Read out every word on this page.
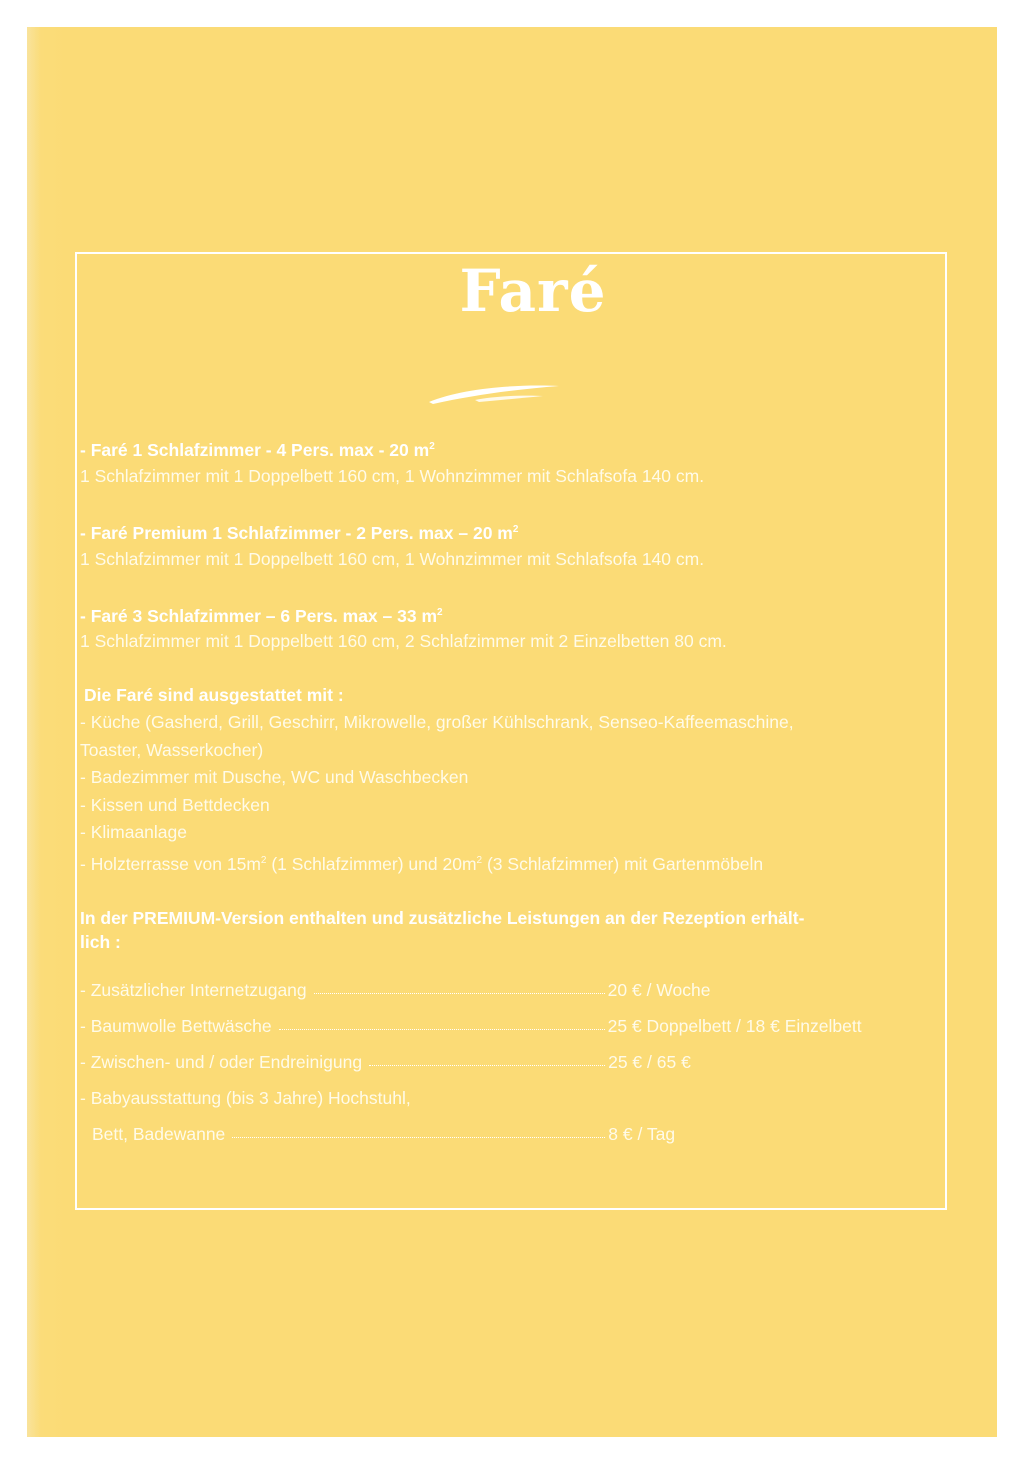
Faré
- Faré 1 Schlafzimmer - 4 Pers. max - 20 $m^2$
1 Schlafzimmer mit 1 Doppelbett 160 cm, 1 Wohnzimmer mit Schlafsofa 140 cm.
- Faré Premium 1 Schlafzimmer - 2 Pers. max – 20 $m^2$
1 Schlafzimmer mit 1 Doppelbett 160 cm, 1 Wohnzimmer mit Schlafsofa 140 cm.
- Faré 3 Schlafzimmer – 6 Pers. max – 33 $m^2$
1 Schlafzimmer mit 1 Doppelbett 160 cm, 2 Schlafzimmer mit 2 Einzelbetten 80 cm.
Die Faré sind ausgestattet mit :
- Küche (Gasherd, Grill, Geschirr, Mikrowelle, großer Kühlschrank, Senseo-Kaffeemaschine,
Toaster, Wasserkocher)
- Badezimmer mit Dusche, WC und Waschbecken
- Kissen und Bettdecken
- Klimaanlage
- Holzterrasse von $15m^2$ (1 Schlafzimmer) und $20m^2$ (3 Schlafzimmer) mit Gartenmöbeln
In der PREMIUM-Version enthalten und zusätzliche Leistungen an der Rezeption erhält-
lich :
- Zusätzlicher Internetzugang	20 € / Woche
- Baumwolle Bettwäsche	25 € Doppelbett / 18 € Einzelbett
- Zwischen- und / oder Endreinigung	25 € / 65 €
- Babyausstattung (bis 3 Jahre) Hochstuhl,
Bett, Badewanne	8 € / Tag
